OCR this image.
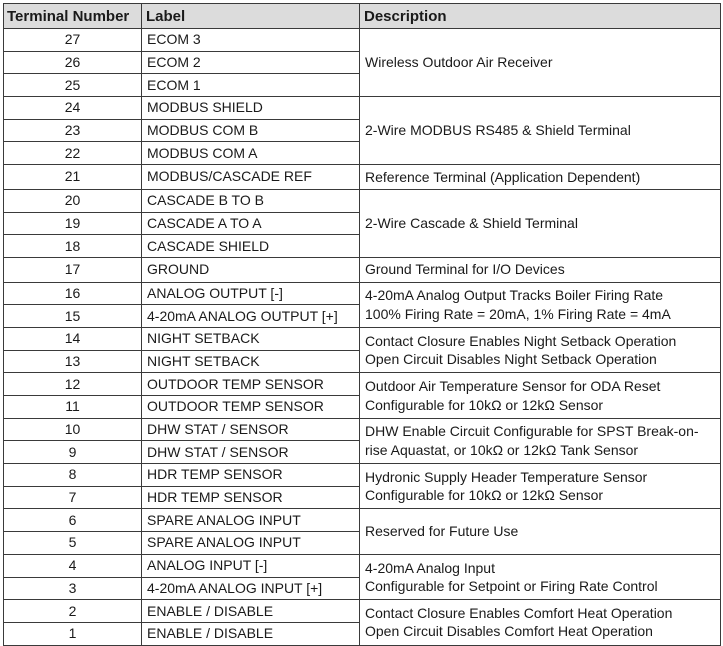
Terminal Number	Label	Description
27	ECOM 3	Wireless Outdoor Air Receiver

26	ECOM 2	
25	ECOM 1	
24	MODBUS SHIELD	2-Wire MODBUS RS485 & Shield Terminal

23	MODBUS COM B	
22	MODBUS COM A	
21	MODBUS/CASCADE REF	Reference Terminal (Application Dependent)

20	CASCADE B TO B	2-Wire Cascade & Shield Terminal

19	CASCADE A TO A	
18	CASCADE SHIELD	
17	GROUND	Ground Terminal for I/O Devices

16	ANALOG OUTPUT [-]	4-20mA Analog Output Tracks Boiler Firing Rate
100% Firing Rate = 20mA, 1% Firing Rate = 4mA

15	4-20mA ANALOG OUTPUT [+]	
14	NIGHT SETBACK	Contact Closure Enables Night Setback Operation
Open Circuit Disables Night Setback Operation

13	NIGHT SETBACK	
12	OUTDOOR TEMP SENSOR	Outdoor Air Temperature Sensor for ODA Reset
Configurable for 10kΩ or 12kΩ Sensor

11	OUTDOOR TEMP SENSOR	
10	DHW STAT / SENSOR	DHW Enable Circuit Configurable for SPST Break-on-
rise Aquastat, or 10kΩ or 12kΩ Tank Sensor

9	DHW STAT / SENSOR	
8	HDR TEMP SENSOR	Hydronic Supply Header Temperature Sensor
Configurable for 10kΩ or 12kΩ Sensor

7	HDR TEMP SENSOR	
6	SPARE ANALOG INPUT	Reserved for Future Use

5	SPARE ANALOG INPUT	
4	ANALOG INPUT [-]	4-20mA Analog Input
Configurable for Setpoint or Firing Rate Control

3	4-20mA ANALOG INPUT [+]	
2	ENABLE / DISABLE	Contact Closure Enables Comfort Heat Operation
Open Circuit Disables Comfort Heat Operation

1	ENABLE / DISABLE	
